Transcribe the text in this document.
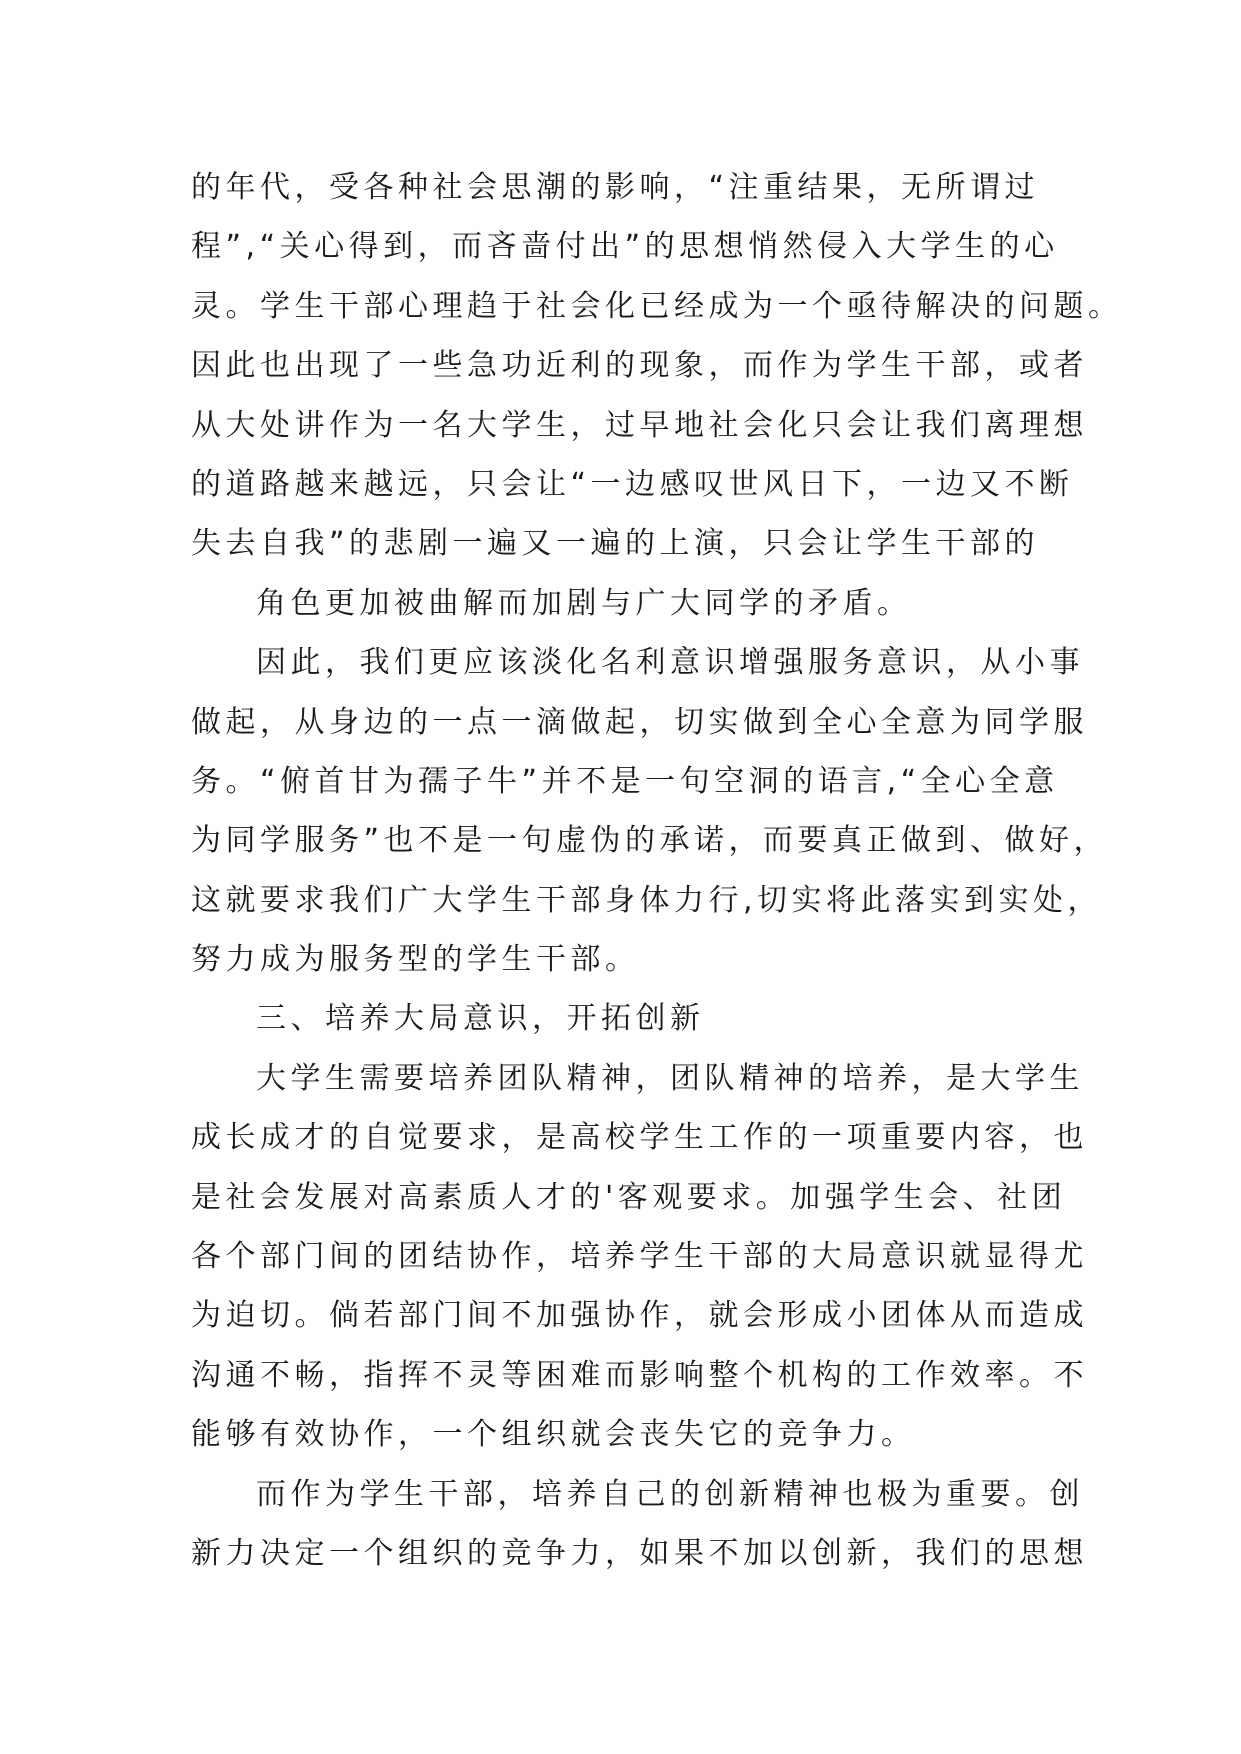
的年代，受各种社会思潮的影响，“注重结果，无所谓过
程”,“关心得到，而吝啬付出”的思想悄然侵入大学生的心
灵。学生干部心理趋于社会化已经成为一个亟待解决的问题。
因此也出现了一些急功近利的现象，而作为学生干部，或者
从大处讲作为一名大学生，过早地社会化只会让我们离理想
的道路越来越远，只会让“一边感叹世风日下，一边又不断
失去自我”的悲剧一遍又一遍的上演，只会让学生干部的
角色更加被曲解而加剧与广大同学的矛盾。
因此，我们更应该淡化名利意识增强服务意识，从小事
做起，从身边的一点一滴做起，切实做到全心全意为同学服
务。“俯首甘为孺子牛”并不是一句空洞的语言,“全心全意
为同学服务”也不是一句虚伪的承诺，而要真正做到、做好，
这就要求我们广大学生干部身体力行,切实将此落实到实处，
努力成为服务型的学生干部。
三、培养大局意识，开拓创新
大学生需要培养团队精神，团队精神的培养，是大学生
成长成才的自觉要求，是高校学生工作的一项重要内容，也
是社会发展对高素质人才的'客观要求。加强学生会、社团
各个部门间的团结协作，培养学生干部的大局意识就显得尤
为迫切。倘若部门间不加强协作，就会形成小团体从而造成
沟通不畅，指挥不灵等困难而影响整个机构的工作效率。不
能够有效协作，一个组织就会丧失它的竞争力。
而作为学生干部，培养自己的创新精神也极为重要。创
新力决定一个组织的竞争力，如果不加以创新，我们的思想
